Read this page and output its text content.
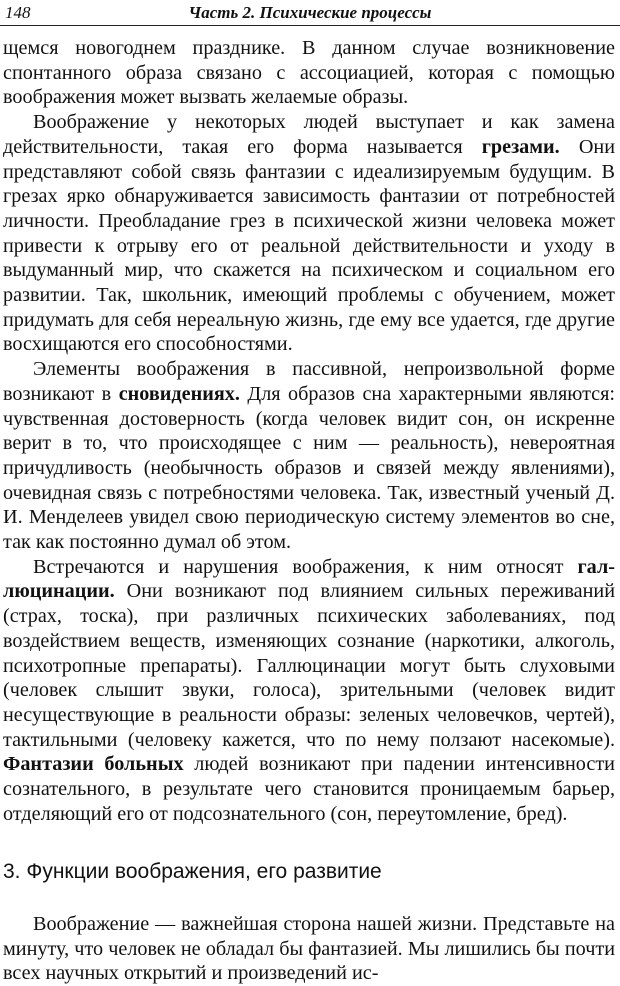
148	Часть 2. Психические процессы

щемся новогоднем празднике. В данном случае возникновение спонтанного образа связано с ассоциацией, которая с помощью воображения может вызвать желаемые образы.

Воображение у некоторых людей выступает и как замена действительности, такая его форма называется грезами. Они представляют собой связь фантазии с идеализируемым будущим. В грезах ярко обнаруживается зависимость фантазии от потребностей личности. Преобладание грез в психической жизни человека может привести к отрыву его от реальной действительности и уходу в выдуманный мир, что скажется на психическом и социальном его развитии. Так, школьник, имеющий проблемы с обучением, может придумать для себя нереальную жизнь, где ему все удается, где другие восхищаются его способностями.

Элементы воображения в пассивной, непроизвольной форме возникают в сновидениях. Для образов сна характерными являются: чувственная достоверность (когда человек видит сон, он искренне верит в то, что происходящее с ним — реальность), невероятная причудливость (необычность образов и связей между явлениями), очевидная связь с потребностями человека. Так, известный ученый Д. И. Менделеев увидел свою периодическую систему элементов во сне, так как постоянно думал об этом.

Встречаются и нарушения воображения, к ним относят галлюцинации. Они возникают под влиянием сильных переживаний (страх, тоска), при различных психических заболеваниях, под воздействием веществ, изменяющих сознание (наркотики, алкоголь, психотропные препараты). Галлюцинации могут быть слуховыми (человек слышит звуки, голоса), зрительными (человек видит несуществующие в реальности образы: зеленых человечков, чертей), тактильными (человеку кажется, что по нему ползают насекомые). Фантазии больных людей возникают при падении интенсивности сознательного, в результате чего становится проницаемым барьер, отделяющий его от подсознательного (сон, переутомление, бред).

3. Функции воображения, его развитие

Воображение — важнейшая сторона нашей жизни. Представьте на минуту, что человек не обладал бы фантазией. Мы лишились бы почти всех научных открытий и произведений ис-
